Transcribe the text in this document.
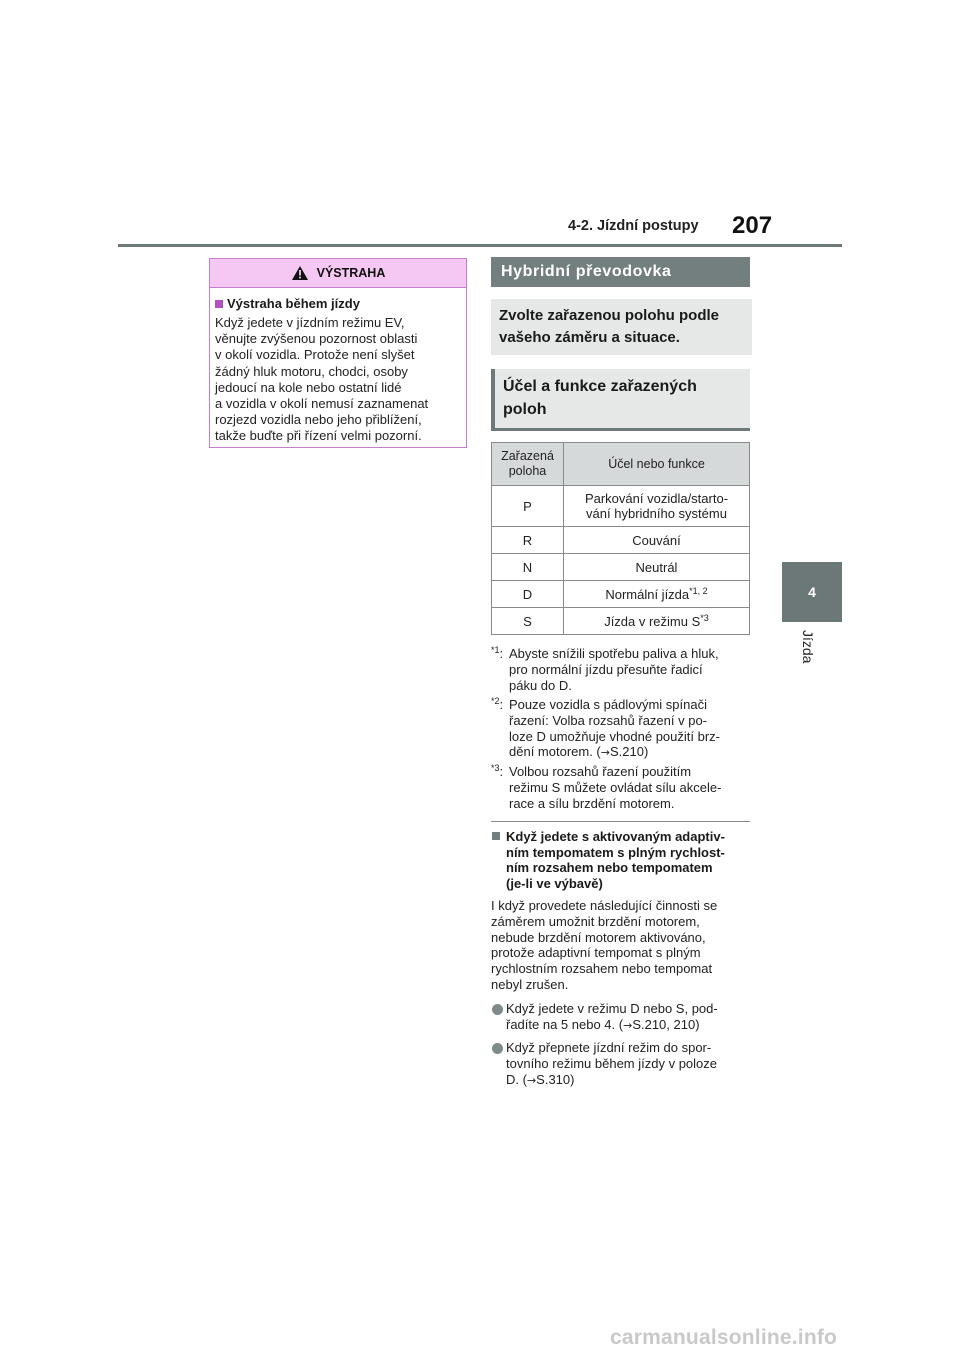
4-2. Jízdní postupy 207
4
Jízda
VÝSTRAHA
Výstraha během jízdy
Když jedete v jízdním režimu EV,
věnujte zvýšenou pozornost oblasti
v okolí vozidla. Protože není slyšet
žádný hluk motoru, chodci, osoby
jedoucí na kole nebo ostatní lidé
a vozidla v okolí nemusí zaznamenat
rozjezd vozidla nebo jeho přiblížení,
takže buďte při řízení velmi pozorní.
Hybridní převodovka
Zvolte zařazenou polohu podle
vašeho záměru a situace.
Účel a funkce zařazených
poloh
Zařazená
poloha	Účel nebo funkce
P	Parkování vozidla/starto-
vání hybridního systému

R	Couvání
N	Neutrál
D	Normální jízda$^{*1, 2}$
S	Jízda v režimu $S^{*3}$
$^{*1}$: Abyste snížili spotřebu paliva a hluk,
pro normální jízdu přesuňte řadicí
páku do D.
$^{*2}$: Pouze vozidla s pádlovými spínači
řazení: Volba rozsahů řazení v po-
loze D umožňuje vhodné použití brz-
dění motorem. (→S.210)
$^{*3}$: Volbou rozsahů řazení použitím
režimu S můžete ovládat sílu akcele-
race a sílu brzdění motorem.
Když jedete s aktivovaným adaptiv-
ním tempomatem s plným rychlost-
ním rozsahem nebo tempomatem
(je-li ve výbavě)
I když provedete následující činnosti se
záměrem umožnit brzdění motorem,
nebude brzdění motorem aktivováno,
protože adaptivní tempomat s plným
rychlostním rozsahem nebo tempomat
nebyl zrušen.
Když jedete v režimu D nebo S, pod-
řadíte na 5 nebo 4. (→S.210, 210)
Když přepnete jízdní režim do spor-
tovního režimu během jízdy v poloze
D. (→S.310)
carmanualsonline.info
